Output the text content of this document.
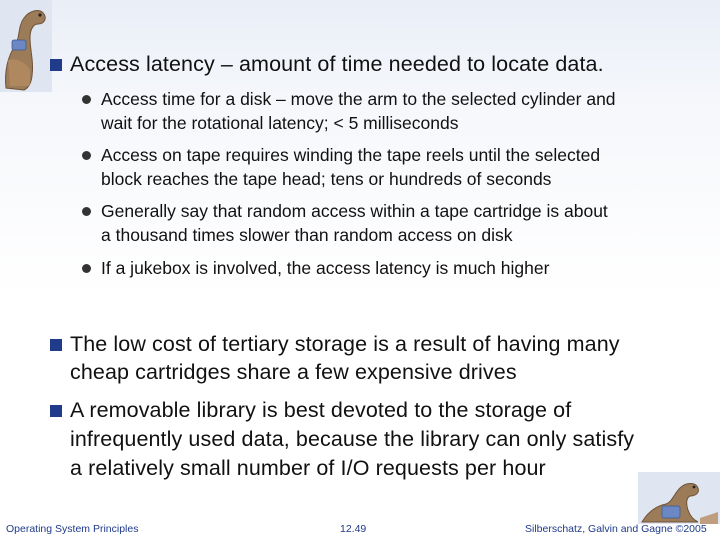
Access latency – amount of time needed to locate data.
Access time for a disk – move the arm to the selected cylinder and
wait for the rotational latency; < 5 milliseconds
Access on tape requires winding the tape reels until the selected
block reaches the tape head; tens or hundreds of seconds
Generally say that random access within a tape cartridge is about
a thousand times slower than random access on disk
If a jukebox is involved, the access latency is much higher
The low cost of tertiary storage is a result of having many
cheap cartridges share a few expensive drives
A removable library is best devoted to the storage of
infrequently used data, because the library can only satisfy
a relatively small number of I/O requests per hour
Operating System Principles	12.49	Silberschatz, Galvin and Gagne ©2005
